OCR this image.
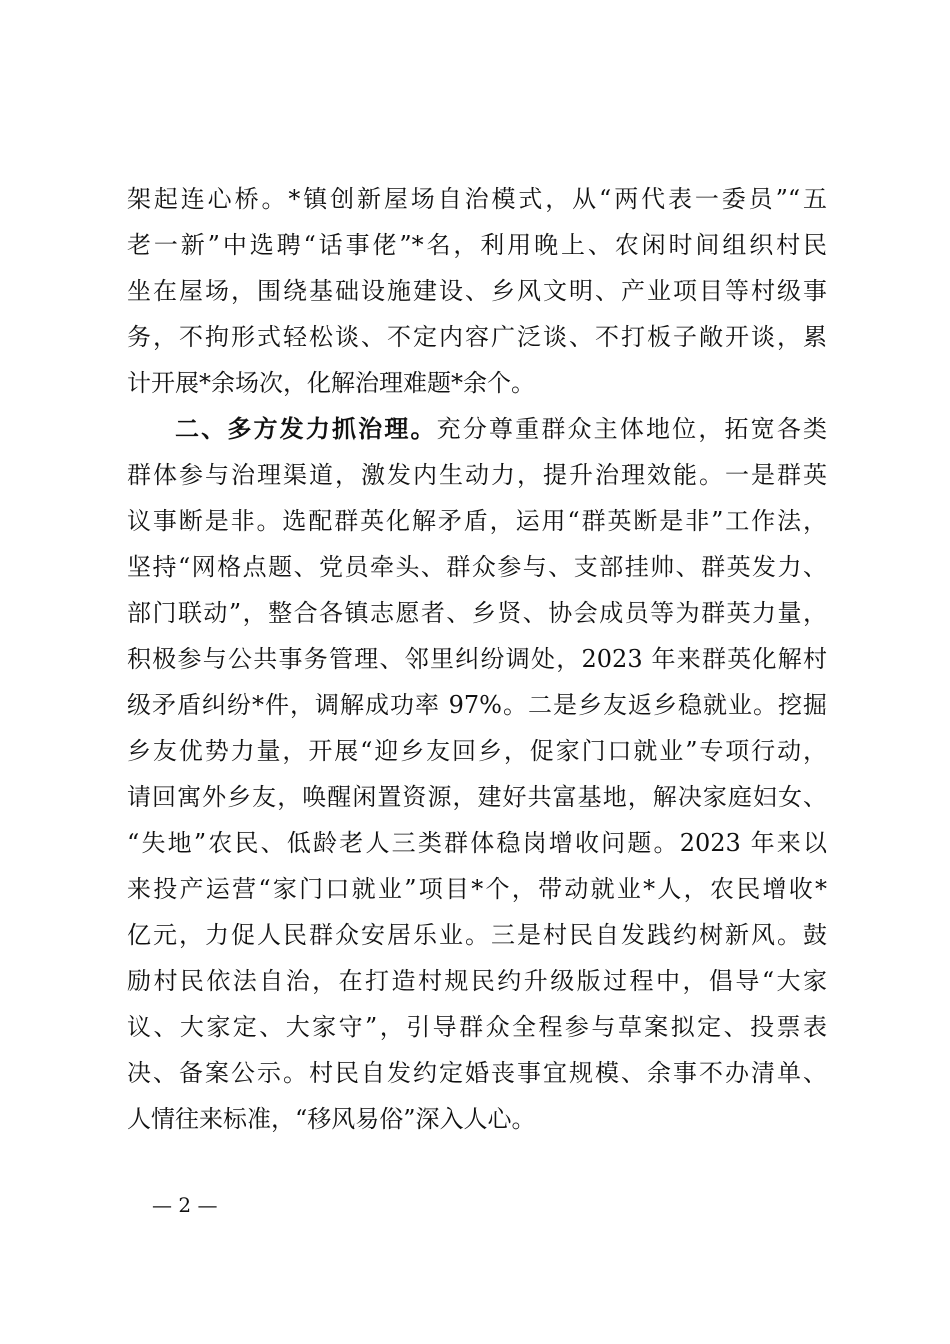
架起连心桥。*镇创新屋场自治模式，从“两代表一委员”“五
老一新”中选聘“话事佬”*名，利用晚上、农闲时间组织村民
坐在屋场，围绕基础设施建设、乡风文明、产业项目等村级事
务，不拘形式轻松谈、不定内容广泛谈、不打板子敞开谈，累
计开展*余场次，化解治理难题*余个。
二、多方发力抓治理。充分尊重群众主体地位，拓宽各类
群体参与治理渠道，激发内生动力，提升治理效能。一是群英
议事断是非。选配群英化解矛盾，运用“群英断是非”工作法，
坚持“网格点题、党员牵头、群众参与、支部挂帅、群英发力、
部门联动”，整合各镇志愿者、乡贤、协会成员等为群英力量，
积极参与公共事务管理、邻里纠纷调处，2023 年来群英化解村
级矛盾纠纷*件，调解成功率 97%。二是乡友返乡稳就业。挖掘
乡友优势力量，开展“迎乡友回乡，促家门口就业”专项行动，
请回寓外乡友，唤醒闲置资源，建好共富基地，解决家庭妇女、
“失地”农民、低龄老人三类群体稳岗增收问题。2023 年来以
来投产运营“家门口就业”项目*个，带动就业*人，农民增收*
亿元，力促人民群众安居乐业。三是村民自发践约树新风。鼓
励村民依法自治，在打造村规民约升级版过程中，倡导“大家
议、大家定、大家守”，引导群众全程参与草案拟定、投票表
决、备案公示。村民自发约定婚丧事宜规模、余事不办清单、
人情往来标准，“移风易俗”深入人心。
— 2 —
